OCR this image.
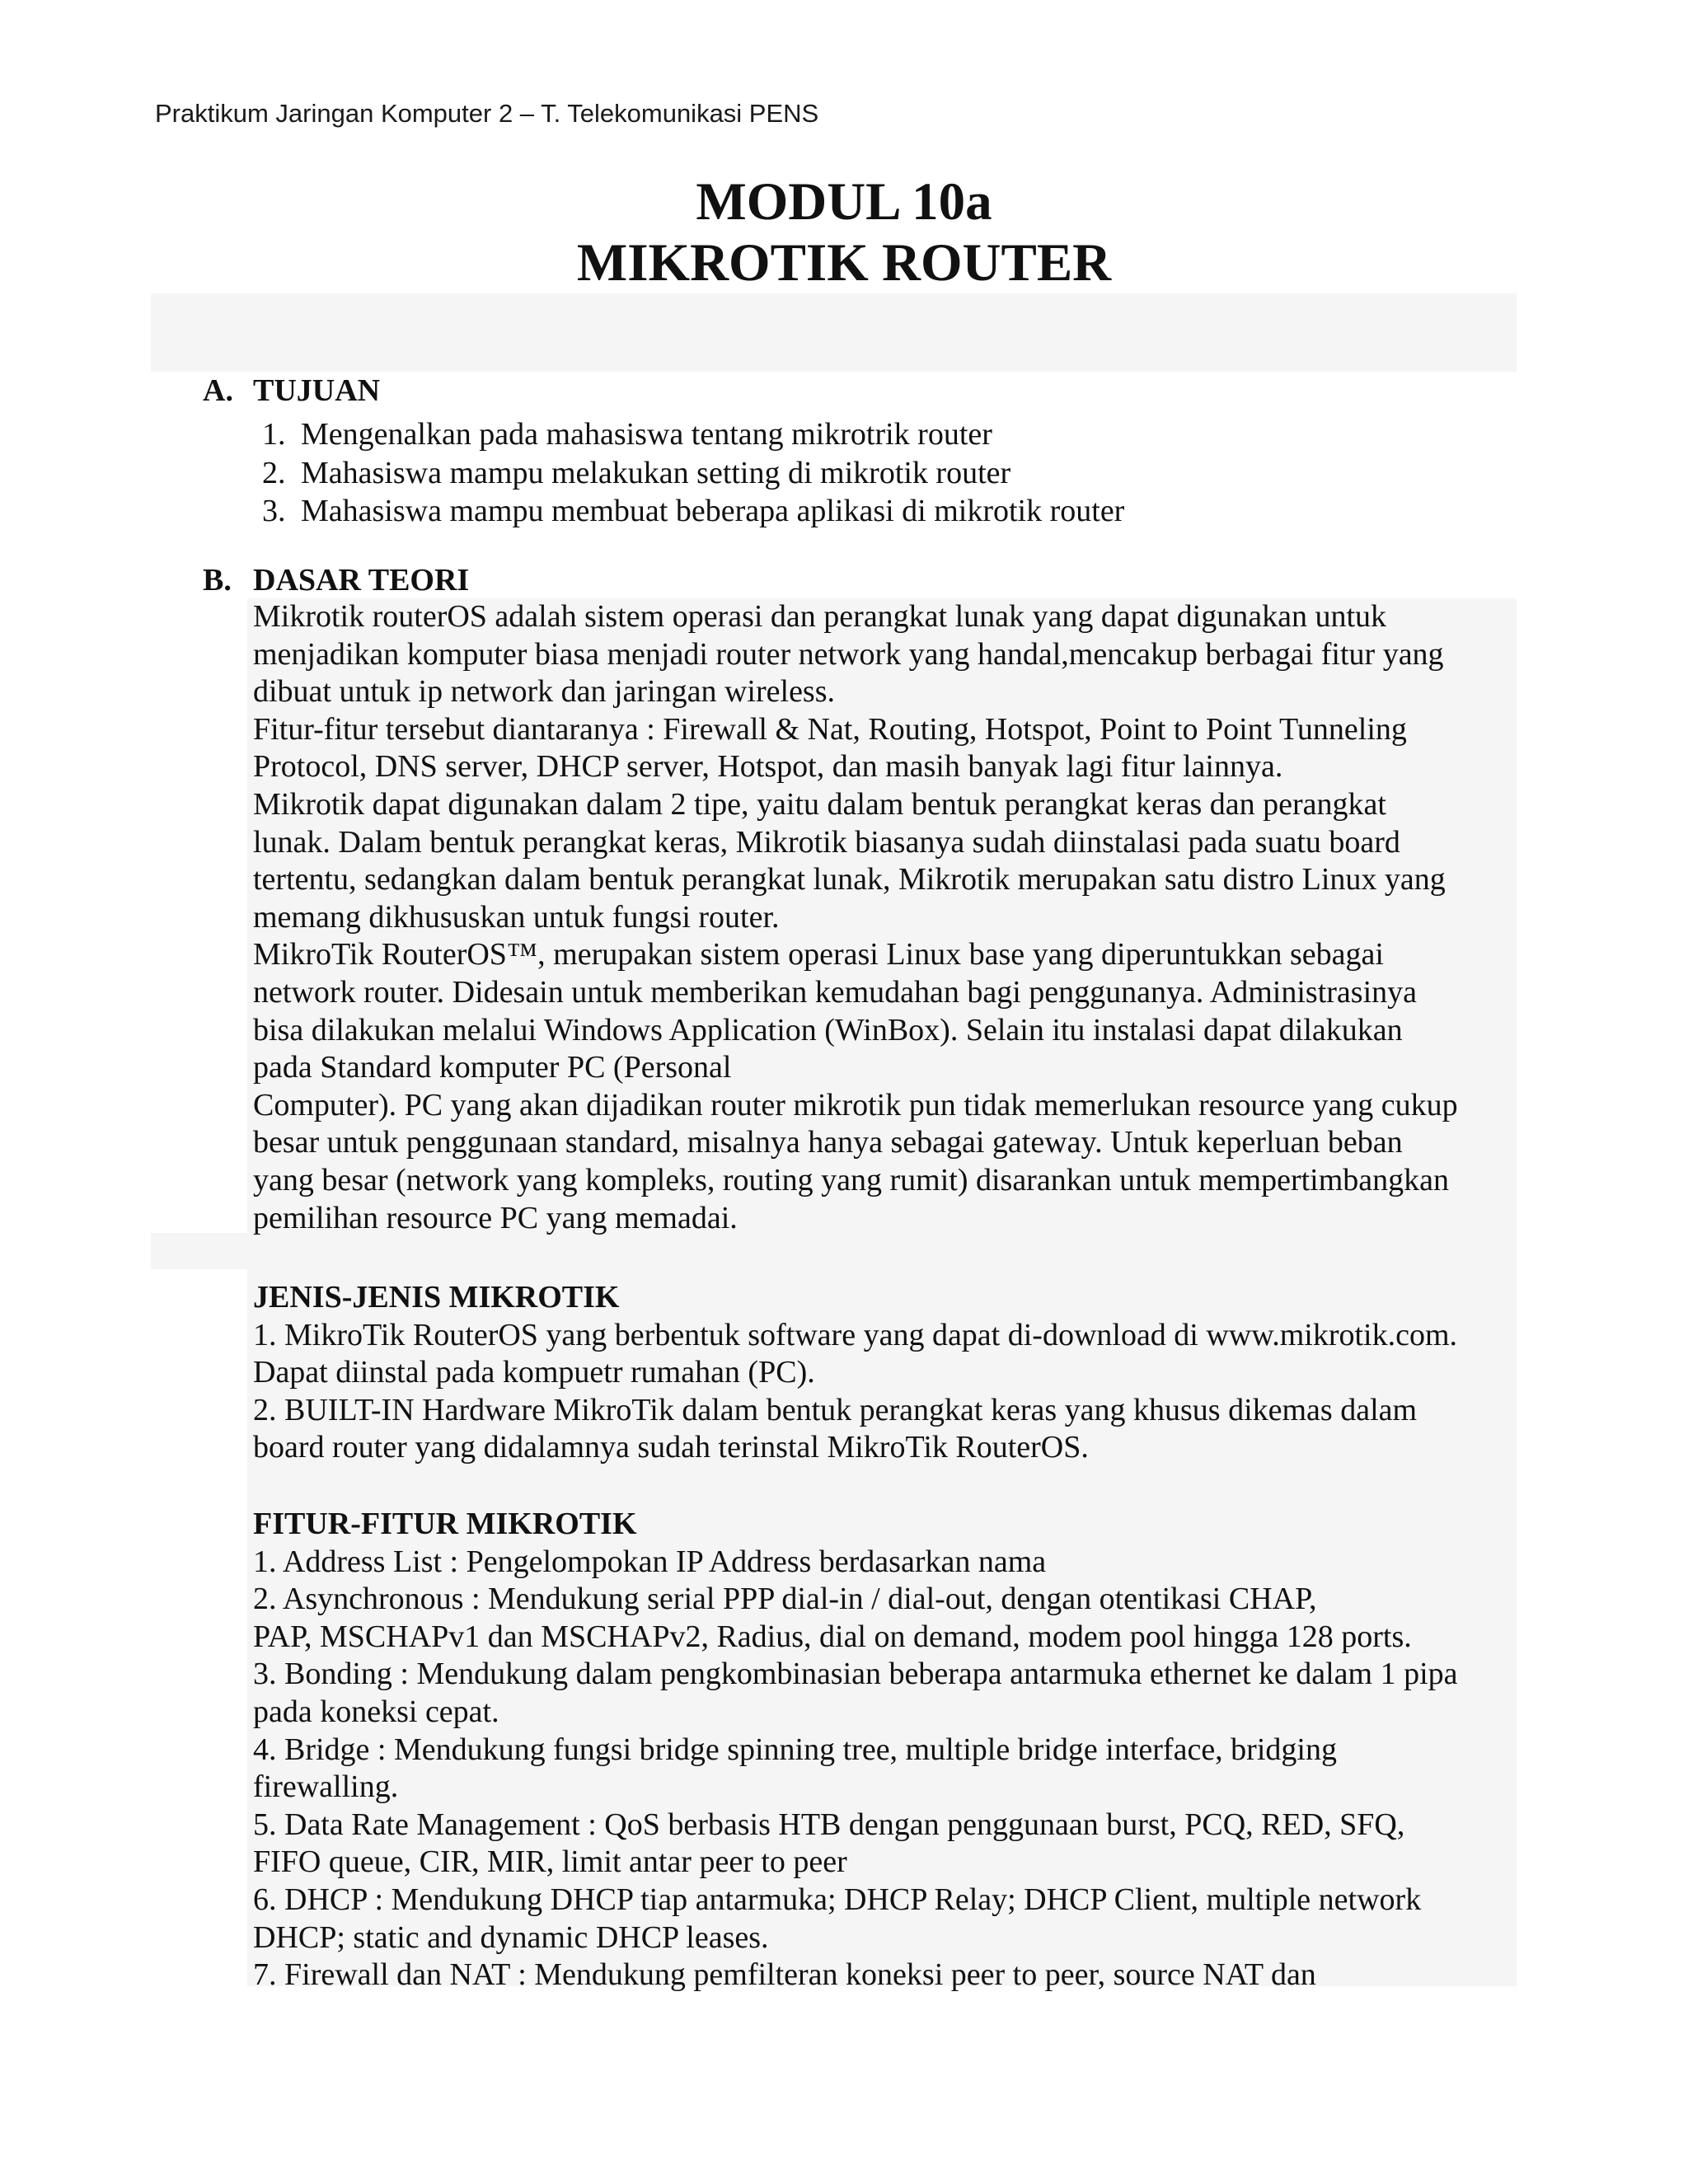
Praktikum Jaringan Komputer 2 – T. Telekomunikasi PENS
MODUL 10a
MIKROTIK ROUTER
A. TUJUAN
1. Mengenalkan pada mahasiswa tentang mikrotrik router
2. Mahasiswa mampu melakukan setting di mikrotik router
3. Mahasiswa mampu membuat beberapa aplikasi di mikrotik router
B. DASAR TEORI
Mikrotik routerOS adalah sistem operasi dan perangkat lunak yang dapat digunakan untuk
menjadikan komputer biasa menjadi router network yang handal,mencakup berbagai fitur yang
dibuat untuk ip network dan jaringan wireless.
Fitur-fitur tersebut diantaranya : Firewall & Nat, Routing, Hotspot, Point to Point Tunneling
Protocol, DNS server, DHCP server, Hotspot, dan masih banyak lagi fitur lainnya.
Mikrotik dapat digunakan dalam 2 tipe, yaitu dalam bentuk perangkat keras dan perangkat
lunak. Dalam bentuk perangkat keras, Mikrotik biasanya sudah diinstalasi pada suatu board
tertentu, sedangkan dalam bentuk perangkat lunak, Mikrotik merupakan satu distro Linux yang
memang dikhususkan untuk fungsi router.
MikroTik RouterOS™, merupakan sistem operasi Linux base yang diperuntukkan sebagai
network router. Didesain untuk memberikan kemudahan bagi penggunanya. Administrasinya
bisa dilakukan melalui Windows Application (WinBox). Selain itu instalasi dapat dilakukan
pada Standard komputer PC (Personal
Computer). PC yang akan dijadikan router mikrotik pun tidak memerlukan resource yang cukup
besar untuk penggunaan standard, misalnya hanya sebagai gateway. Untuk keperluan beban
yang besar (network yang kompleks, routing yang rumit) disarankan untuk mempertimbangkan
pemilihan resource PC yang memadai.
JENIS-JENIS MIKROTIK
1. MikroTik RouterOS yang berbentuk software yang dapat di-download di www.mikrotik.com.
Dapat diinstal pada kompuetr rumahan (PC).
2. BUILT-IN Hardware MikroTik dalam bentuk perangkat keras yang khusus dikemas dalam
board router yang didalamnya sudah terinstal MikroTik RouterOS.
FITUR-FITUR MIKROTIK
1. Address List : Pengelompokan IP Address berdasarkan nama
2. Asynchronous : Mendukung serial PPP dial-in / dial-out, dengan otentikasi CHAP,
PAP, MSCHAPv1 dan MSCHAPv2, Radius, dial on demand, modem pool hingga 128 ports.
3. Bonding : Mendukung dalam pengkombinasian beberapa antarmuka ethernet ke dalam 1 pipa
pada koneksi cepat.
4. Bridge : Mendukung fungsi bridge spinning tree, multiple bridge interface, bridging
firewalling.
5. Data Rate Management : QoS berbasis HTB dengan penggunaan burst, PCQ, RED, SFQ,
FIFO queue, CIR, MIR, limit antar peer to peer
6. DHCP : Mendukung DHCP tiap antarmuka; DHCP Relay; DHCP Client, multiple network
DHCP; static and dynamic DHCP leases.
7. Firewall dan NAT : Mendukung pemfilteran koneksi peer to peer, source NAT dan
